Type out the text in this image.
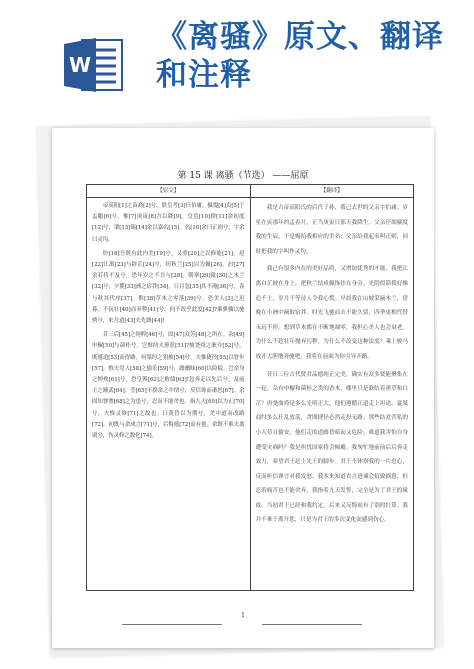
W
《离骚》原文、翻译和注释
第 15 课 离骚（节选） ——屈原
【原文】

帝高阳[1]之苗裔[2]兮，朕皇考[3]曰伯庸。摄提[4]贞[5]于孟陬[6]兮，惟[7]庚寅[8]吾以降[9]。皇览[10]揆[11]余初度[12]兮，肇[13]锡[14]余以嘉名[15]。名[16]余曰正则兮，字余曰灵均。

纷[18]吾既有此内美[19]兮，又重[20]之以修能[21]。扈[22]江离[23]与辟芷[24]兮，纫秋兰[25]以为佩[26]。汩[27]余若将不及兮，恐年岁之不吾与[28]。朝搴[29]阰[30]之木兰[32]兮，夕揽[33]洲之宿莽[34]。日月忽[35]其不淹[36]兮，春与秋其代序[37]。惟[38]草木之零落[39]兮，恐美人[3]之迟暮。不抚壮[40]而弃秽[41]兮，何不改乎此度[42]?乘骐骥以驰骋兮，来吾道[43]夫先路[44]!

昔三后[45]之纯粹[46]兮，固[47]众芳[48]之所在。杂[49]申椒[50]与菌桂兮，岂惟纫夫蕙茝[51]?彼尧舜之耿介[52]兮，既遵道[53]而得路。何桀纣之猖披[54]兮，夫惟捷径[55]以窘步[57]。惟夫党人[58]之偷乐[59]兮，路幽昧[60]以险隘。岂余身之惮殃[61]兮，恐皇舆[62]之败绩[63]!忽奔走以先后兮，及前王之踵武[64]。荃[65]不揆余之中情兮，反信谗而齑怒[67]。余固知謇謇[68]之为患兮，忍而不能舍也。指九天[69]以为正[70]兮，夫惟灵修[71]之故也。曰黄昏以为期兮，羌中道而改路[72]。初既与余成言[71]兮，后悔遁[72]而有他。余既不难夫离别兮，伤灵修之数化[74]。

【翻译】

我是古帝高阳氏的后代子孙，我已去世的父亲字伯庸。岁星在寅那年的孟春月，正当庚寅日那天我降生。父亲仔细揣度我的生辰，于是赐给我相应的美名：父亲给我起名叫正则，同时把我的字叫作灵均。

我已有很多内在的美好品质，又增加优秀的才能。我把江离白芷披在身上，把秋兰结成佩饰挂在身旁。光阴似箭我好像追不上，岁月不等待人令我心慌。早晨我在山坡采摘木兰，傍晚在小洲中摘取宿莽。时光飞驰而去不能久留，四季更相代替永远不停。想到草木都在不断地凋零，我担心美人也会衰老。为什么不趁壮年抛弃污秽，为什么不改变这种法度？乘上骏马放开大胆地奔驰吧，我将在前面为你引导开路。

昔日三位古代贤君品德纯正完美，确实有众多贤能聚集在一起。杂有申椒和菌桂之类的香木，哪里只是联结着蕙草和白芷？唐尧虞舜是多么光明正大，他们遵循正道走上坦途。夏桀商纣多么狂乱放荡，贪图捷径必然走投无路。那些结党营私的小人苟且偷安，他们走的道路昏暗而又危险。难道我害怕自身遭受灾祸吗？我是担忧国家将会倾覆。我匆忙地前前后后奔走效力，希望君王赶上先王的脚步。君王不体察我的一片忠心，反而听信谗言对我发怒。我本来知道直言进谏会招致祸患，但忍着痛苦也不能舍弃。我指着九天发誓，完全是为了君王的缘故。当初君王已经和我约定，后来又反悔而有了别的打算。我并不难于离开您，只是为君王的多次变化而感到伤心。

1
